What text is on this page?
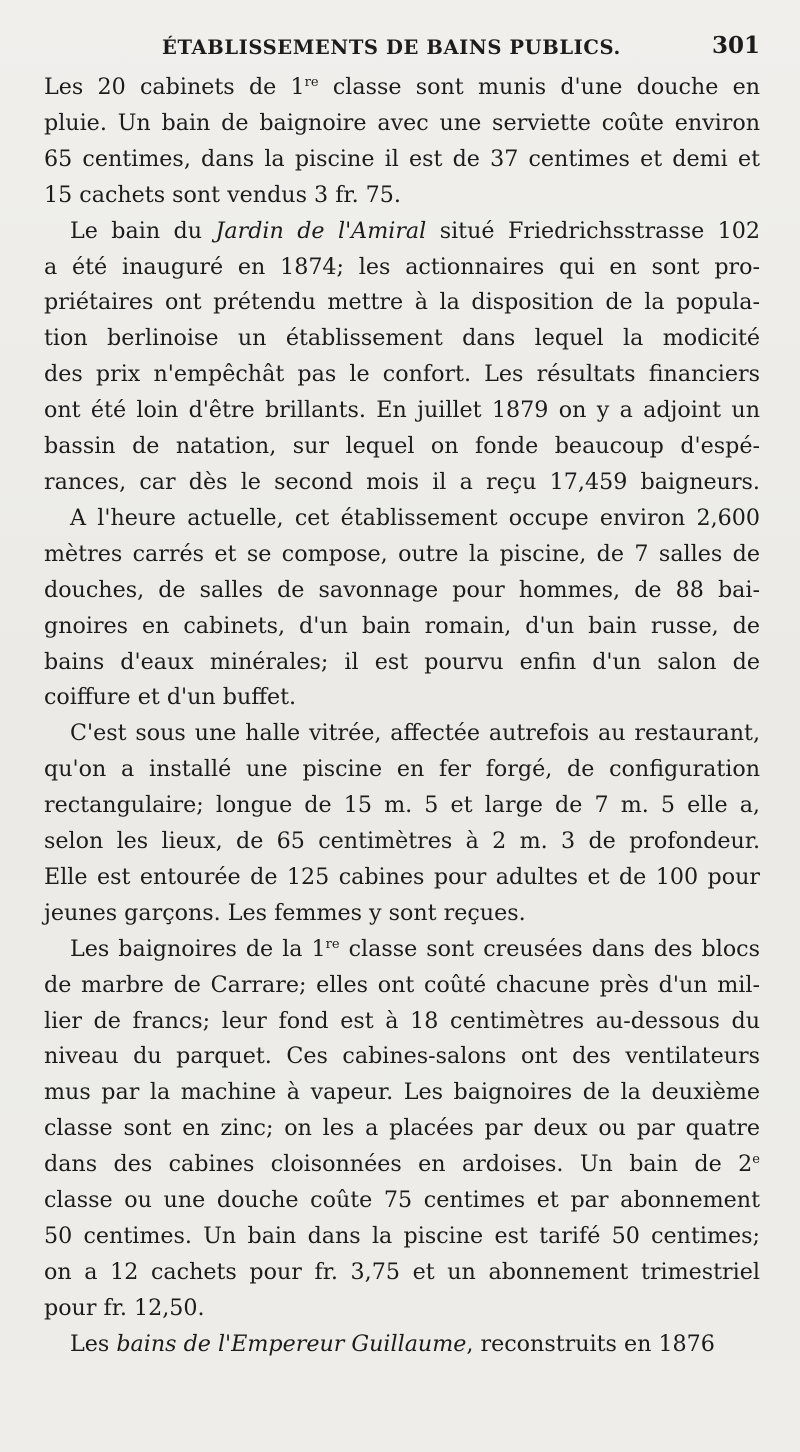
ÉTABLISSEMENTS DE BAINS PUBLICS.	301

Les 20 cabinets de 1re classe sont munis d'une douche en
pluie. Un bain de baignoire avec une serviette coûte environ
65 centimes, dans la piscine il est de 37 centimes et demi et
15 cachets sont vendus 3 fr. 75.

Le bain du Jardin de l'Amiral situé Friedrichsstrasse 102
a été inauguré en 1874; les actionnaires qui en sont pro-
priétaires ont prétendu mettre à la disposition de la popula-
tion berlinoise un établissement dans lequel la modicité
des prix n'empêchât pas le confort. Les résultats financiers
ont été loin d'être brillants. En juillet 1879 on y a adjoint un
bassin de natation, sur lequel on fonde beaucoup d'espé-
rances, car dès le second mois il a reçu 17,459 baigneurs.

A l'heure actuelle, cet établissement occupe environ 2,600
mètres carrés et se compose, outre la piscine, de 7 salles de
douches, de salles de savonnage pour hommes, de 88 bai-
gnoires en cabinets, d'un bain romain, d'un bain russe, de
bains d'eaux minérales; il est pourvu enfin d'un salon de
coiffure et d'un buffet.

C'est sous une halle vitrée, affectée autrefois au restaurant,
qu'on a installé une piscine en fer forgé, de configuration
rectangulaire; longue de 15 m. 5 et large de 7 m. 5 elle a,
selon les lieux, de 65 centimètres à 2 m. 3 de profondeur.
Elle est entourée de 125 cabines pour adultes et de 100 pour
jeunes garçons. Les femmes y sont reçues.

Les baignoires de la 1re classe sont creusées dans des blocs
de marbre de Carrare; elles ont coûté chacune près d'un mil-
lier de francs; leur fond est à 18 centimètres au-dessous du
niveau du parquet. Ces cabines-salons ont des ventilateurs
mus par la machine à vapeur. Les baignoires de la deuxième
classe sont en zinc; on les a placées par deux ou par quatre
dans des cabines cloisonnées en ardoises. Un bain de 2e
classe ou une douche coûte 75 centimes et par abonnement
50 centimes. Un bain dans la piscine est tarifé 50 centimes;
on a 12 cachets pour fr. 3,75 et un abonnement trimestriel
pour fr. 12,50.

Les bains de l'Empereur Guillaume, reconstruits en 1876
